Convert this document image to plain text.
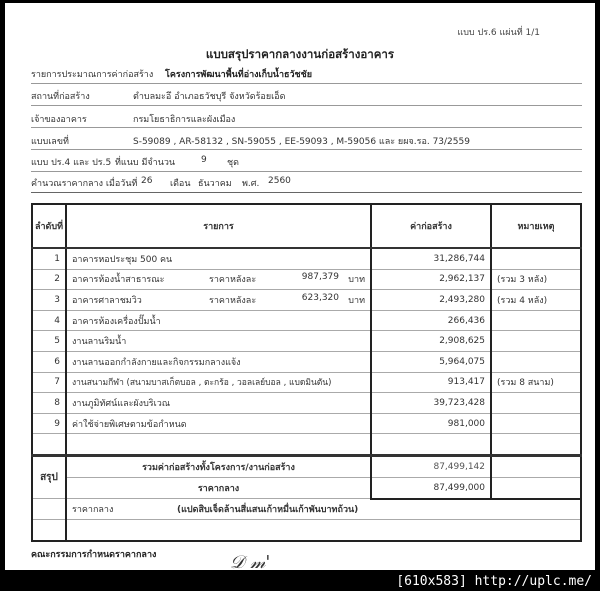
แบบ ปร.6 แผ่นที่ 1/1
แบบสรุปราคากลางงานก่อสร้างอาคาร
รายการประมาณการค่าก่อสร้าง โครงการพัฒนาพื้นที่อ่างเก็บน้ำธวัชชัย
สถานที่ก่อสร้าง	ตำบลมะอึ อำเภอธวัชบุรี จังหวัดร้อยเอ็ด
เจ้าของอาคาร	กรมโยธาธิการและผังเมือง
แบบเลขที่	S-59089 , AR-58132 , SN-59055 , EE-59093 , M-59056 และ ยผจ.รอ. 73/2559
แบบ ปร.4 และ ปร.5 ที่แนบ มีจำนวน	9 ชุด
คำนวณราคากลาง เมื่อวันที่ 26 เดือน ธันวาคม พ.ศ. 2560
ลำดับที่	รายการ	ค่าก่อสร้าง	หมายเหตุ
1	อาคารหอประชุม 500 คน	31,286,744	
2	อาคารห้องน้ำสาธารณะ ราคาหลังละ 987,379 บาท	2,962,137	(รวม 3 หลัง)
3	อาคารศาลาชมวิว ราคาหลังละ 623,320 บาท	2,493,280	(รวม 4 หลัง)
4	อาคารห้องเครื่องปั๊มน้ำ	266,436	
5	งานลานริมน้ำ	2,908,625	
6	งานลานออกกำลังกายและกิจกรรมกลางแจ้ง	5,964,075	
7	งานสนามกีฬา (สนามบาสเก็ตบอล , ตะกร้อ , วอลเลย์บอล , แบดมินตัน)	913,417	(รวม 8 สนาม)
8	งานภูมิทัศน์และผังบริเวณ	39,723,428	
9	ค่าใช้จ่ายพิเศษตามข้อกำหนด	981,000	

สรุป	รวมค่าก่อสร้างทั้งโครงการ/งานก่อสร้าง	87,499,142	
	ราคากลาง	87,499,000	

	ราคากลาง (แปดสิบเจ็ดล้านสี่แสนเก้าหมื่นเก้าพันบาทถ้วน)		

คณะกรรมการกำหนดราคากลาง	𝒟 𝓂'
[610x583] http://uplc.me/
